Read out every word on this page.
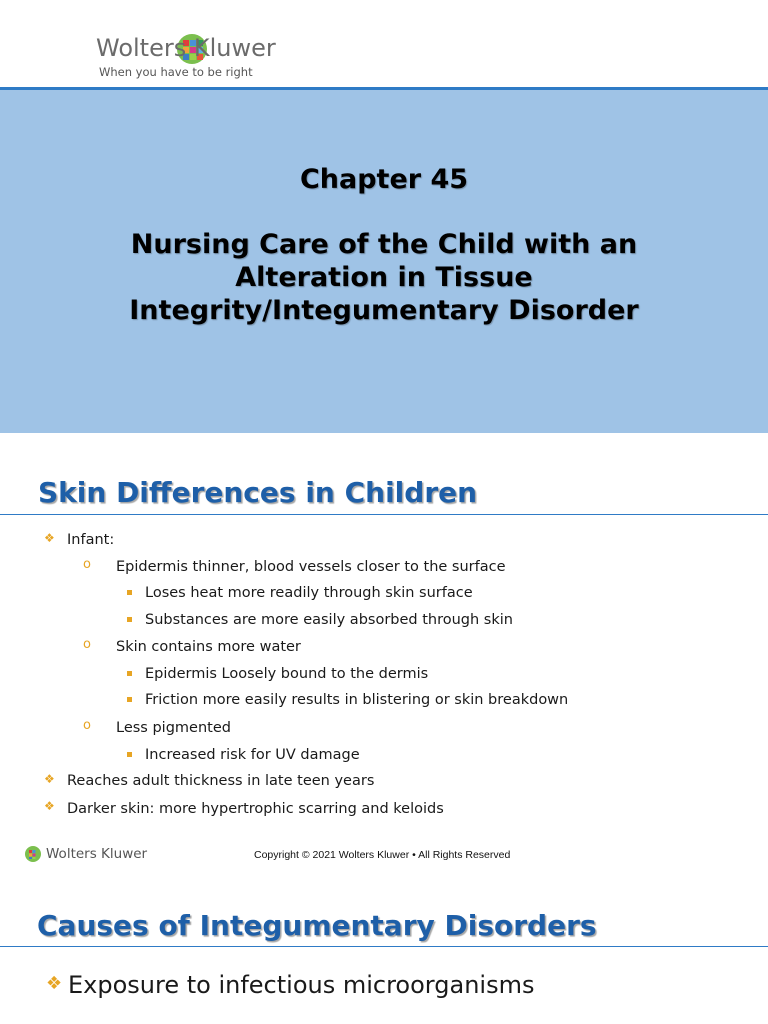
Wolters Kluwer
When you have to be right
Chapter 45
Nursing Care of the Child with an Alteration in Tissue Integrity/Integumentary Disorder
Skin Differences in Children
❖ Infant:
o Epidermis thinner, blood vessels closer to the surface
Loses heat more readily through skin surface
Substances are more easily absorbed through skin
o Skin contains more water
Epidermis Loosely bound to the dermis
Friction more easily results in blistering or skin breakdown
o Less pigmented
Increased risk for UV damage
❖ Reaches adult thickness in late teen years
❖ Darker skin: more hypertrophic scarring and keloids
Wolters Kluwer	Copyright © 2021 Wolters Kluwer • All Rights Reserved
Causes of Integumentary Disorders
❖ Exposure to infectious microorganisms
